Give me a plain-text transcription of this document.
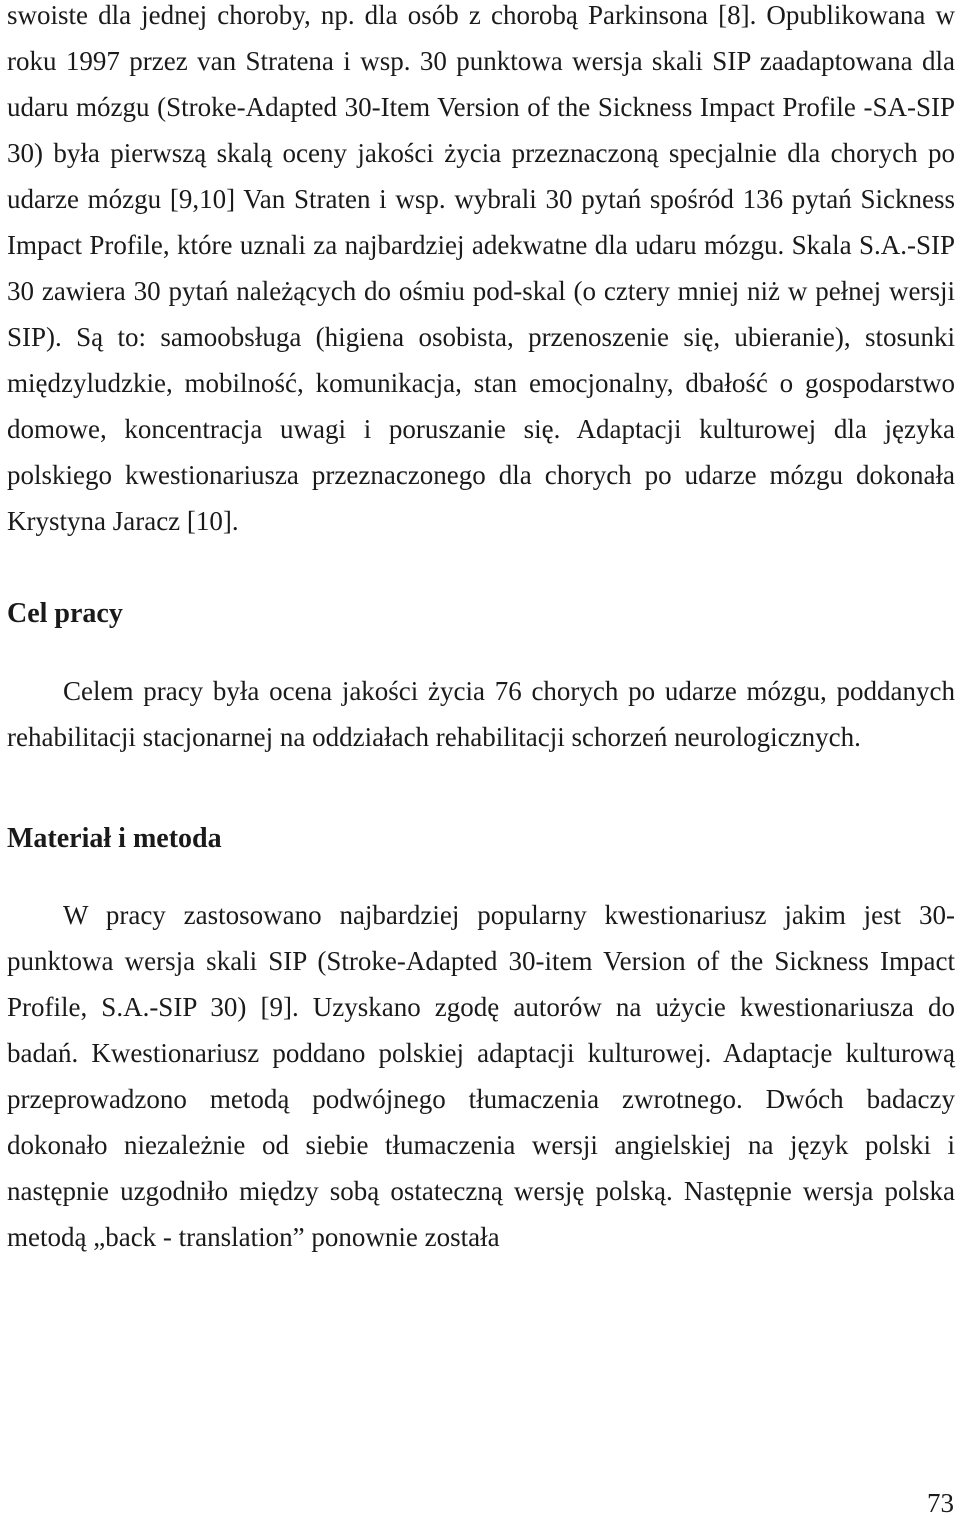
swoiste dla jednej choroby, np. dla osób z chorobą Parkinsona [8]. Opublikowana w roku 1997 przez van Stratena i wsp. 30 punktowa wersja skali SIP zaadaptowana dla udaru mózgu (Stroke-Adapted 30-Item Version of the Sickness Impact Profile -SA-SIP 30) była pierwszą skalą oceny jakości życia przeznaczoną specjalnie dla chorych po udarze mózgu [9,10] Van Straten i wsp. wybrali 30 pytań spośród 136 pytań Sickness Impact Profile, które uznali za najbardziej adekwatne dla udaru mózgu. Skala S.A.-SIP 30 zawiera 30 pytań należących do ośmiu pod-skal (o cztery mniej niż w pełnej wersji SIP). Są to: samoobsługa (higiena osobista, przenoszenie się, ubieranie), stosunki międzyludzkie, mobilność, komunikacja, stan emocjonalny, dbałość o gospodarstwo domowe, koncentracja uwagi i poruszanie się. Adaptacji kulturowej dla języka polskiego kwestionariusza przeznaczonego dla chorych po udarze mózgu dokonała Krystyna Jaracz [10].

Cel pracy

Celem pracy była ocena jakości życia 76 chorych po udarze mózgu, poddanych rehabilitacji stacjonarnej na oddziałach rehabilitacji schorzeń neurologicznych.

Materiał i metoda

W pracy zastosowano najbardziej popularny kwestionariusz jakim jest 30-punktowa wersja skali SIP (Stroke-Adapted 30-item Version of the Sickness Impact Profile, S.A.-SIP 30) [9]. Uzyskano zgodę autorów na użycie kwestionariusza do badań. Kwestionariusz poddano polskiej adaptacji kulturowej. Adaptacje kulturową przeprowadzono metodą podwójnego tłumaczenia zwrotnego. Dwóch badaczy dokonało niezależnie od siebie tłumaczenia wersji angielskiej na język polski i następnie uzgodniło między sobą ostateczną wersję polską. Następnie wersja polska metodą „back - translation” ponownie została

73
